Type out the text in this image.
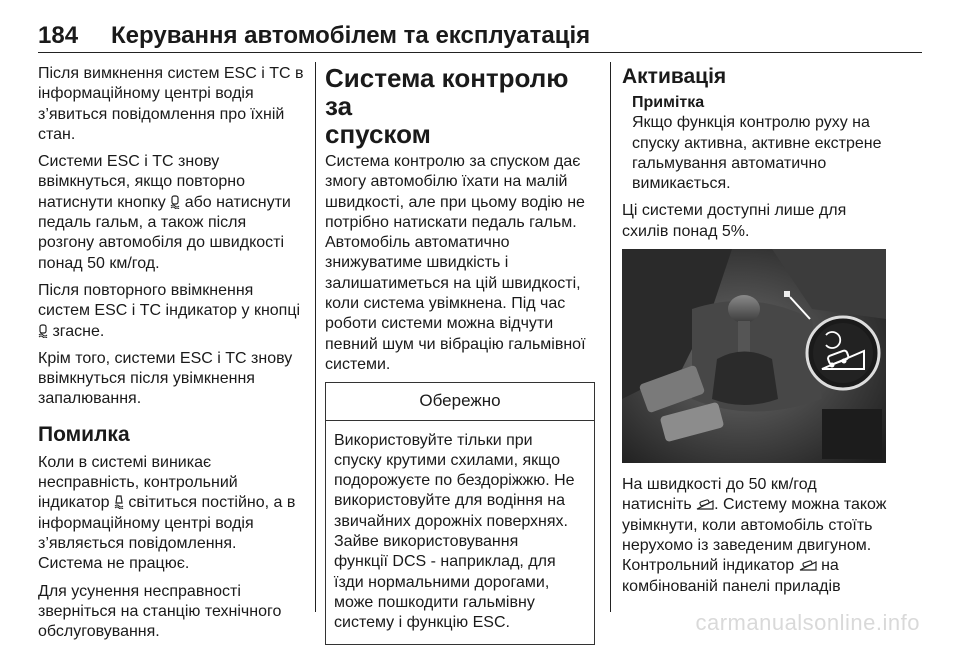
184 Керування автомобілем та експлуатація

Після вимкнення систем ESC і TC в
інформаційному центрі водія
з’явиться повідомлення про їхній
стан.

Системи ESC і TC знову
ввімкнуться, якщо повторно
натиснути кнопку або натиснути
педаль гальм, а також після
розгону автомобіля до швидкості
понад 50 км/год.

Після повторного ввімкнення
систем ESC і TC індикатор у кнопці
згасне.

Крім того, системи ESC і TC знову
ввімкнуться після увімкнення
запалювання.

Помилка

Коли в системі виникає
несправність, контрольний
індикатор світиться постійно, а в
інформаційному центрі водія
з’являється повідомлення.
Система не працює.

Для усунення несправності
зверніться на станцію технічного
обслуговування.

Система контролю за
спуском

Система контролю за спуском дає
змогу автомобілю їхати на малій
швидкості, але при цьому водію не
потрібно натискати педаль гальм.
Автомобіль автоматично
знижуватиме швидкість і
залишатиметься на цій швидкості,
коли система увімкнена. Під час
роботи системи можна відчути
певний шум чи вібрацію гальмівної
системи.

Обережно

Використовуйте тільки при
спуску крутими схилами, якщо
подорожуєте по бездоріжжю. Не
використовуйте для водіння на
звичайних дорожніх поверхнях.
Зайве використовування
функції DCS - наприклад, для
їзди нормальними дорогами,
може пошкодити гальмівну
систему і функцію ESC.

Активація
Примітка

Якщо функція контролю руху на
спуску активна, активне екстрене
гальмування автоматично
вимикається.

Ці системи доступні лише для
схилів понад 5%.

На швидкості до 50 км/год
натисніть . Систему можна також
увімкнути, коли автомобіль стоїть
нерухомо із заведеним двигуном.
Контрольний індикатор на
комбінованій панелі приладів

carmanualsonline.info
